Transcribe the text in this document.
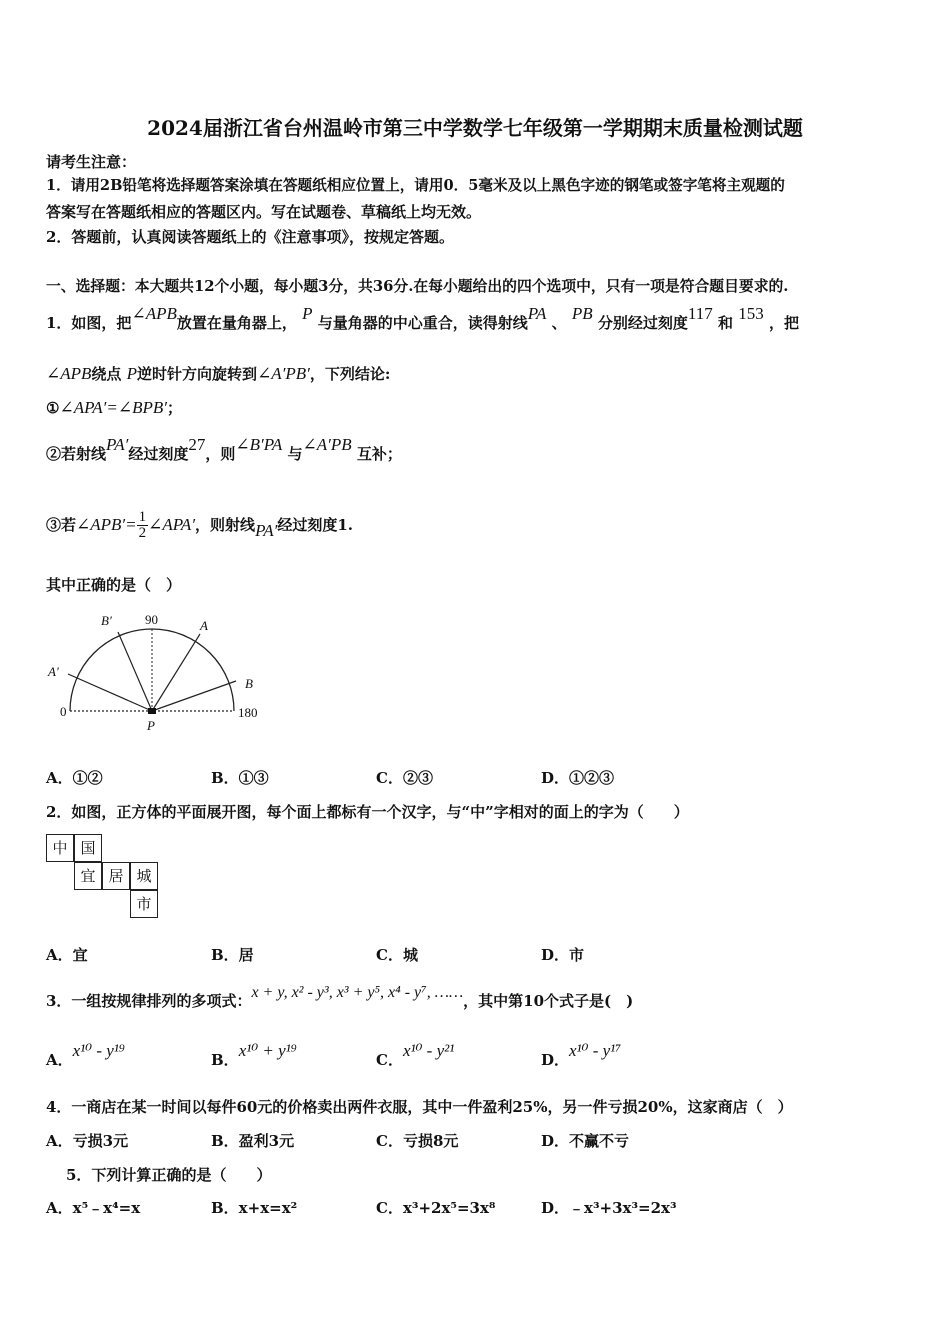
2024届浙江省台州温岭市第三中学数学七年级第一学期期末质量检测试题
请考生注意：
1．请用2B铅笔将选择题答案涂填在答题纸相应位置上，请用0．5毫米及以上黑色字迹的钢笔或签字笔将主观题的
答案写在答题纸相应的答题区内。写在试题卷、草稿纸上均无效。
2．答题前，认真阅读答题纸上的《注意事项》，按规定答题。
一、选择题：本大题共12个小题，每小题3分，共36分.在每小题给出的四个选项中，只有一项是符合题目要求的.
1．如图，把∠APB放置在量角器上， P 与量角器的中心重合，读得射线PA 、 PB 分别经过刻度117 和 153 ，把
∠APB绕点 P逆时针方向旋转到∠A′PB′，下列结论:
①∠APA′=∠BPB′；
②若射线PA′经过刻度27，则∠B′PA 与∠A′PB 互补；
③若∠APB′= $\frac{1}{2}$ ∠APA′，则射线PA′经过刻度1.
其中正确的是（　）
B′	90	A
A′
B
0
P
180
A．①②	B．①③	C．②③	D．①②③
2．如图，正方体的平面展开图，每个面上都标有一个汉字，与“中”字相对的面上的字为（　　）
中 国
宜 居 城
市
A．宜	B．居	C．城	D．市
3．一组按规律排列的多项式：x + y, x² - y³, x³ + y⁵, x⁴ - y⁷, ……，其中第10个式子是(　)
A．x¹⁰ - y¹⁹	B．x¹⁰ + y¹⁹	C．x¹⁰ - y²¹	D．x¹⁰ - y¹⁷
4．一商店在某一时间以每件60元的价格卖出两件衣服，其中一件盈利25%，另一件亏损20%，这家商店（　）
A．亏损3元	B．盈利3元	C．亏损8元	D．不赢不亏
5．下列计算正确的是（　　）
A．x⁵﹣x⁴=x	B．x+x=x²	C．x³+2x⁵=3x⁸	D．﹣x³+3x³=2x³
